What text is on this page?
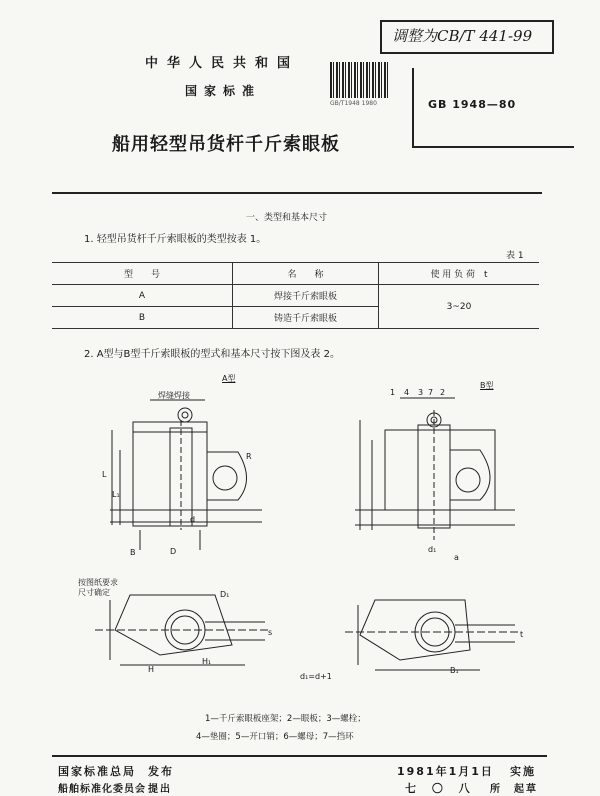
调整为CB/T 441-99
中华人民共和国
国家标准
GB/T1948 1980	GB 1948—80
船用轻型吊货杆千斤索眼板
一、类型和基本尺寸
1. 轻型吊货杆千斤索眼板的类型按表 1。
表 1
型　　号	名　　称	使 用 负 荷　t
A	焊接千斤索眼板	3~20
B	铸造千斤索眼板	
2. A型与B型千斤索眼板的型式和基本尺寸按下图及表 2。
A型
B型
焊缝焊接
按图纸要求
尺寸确定
d₁=d+1
1 4 3 7 2
L
L₁
D
D₁
H
H₁
B
B₁
d
d₁
t
s
a
R
1—千斤索眼板座架；2—眼板；3—螺栓；
4—垫圈；5—开口销；6—螺母；7—挡环
国家标准总局 发布
船舶标准化委员会 提出
1981年1月1日 实施
七 〇 八 所　起草
